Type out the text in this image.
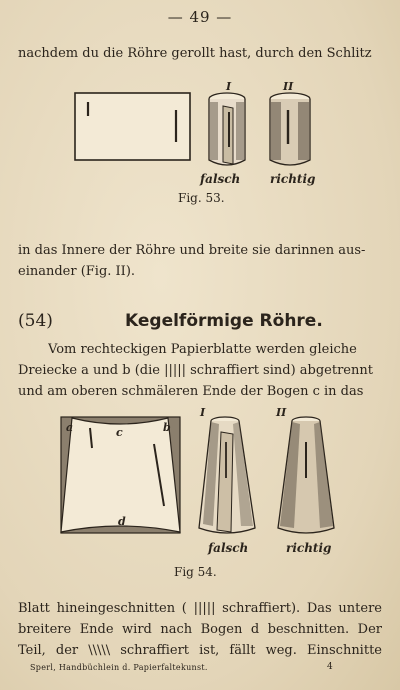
— 49 —
nachdem du die Röhre gerollt hast, durch den Schlitz
I
falsch
II
richtig
Fig. 53.
in das Innere der Röhre und breite sie darinnen aus-
einander (Fig. II).
(54)	Kegelförmige Röhre.
Vom rechteckigen Papierblatte werden gleiche
Dreiecke a und b (die ||||| schraffiert sind) abgetrennt
und am oberen schmäleren Ende der Bogen c in das
a	b
c
d
I
falsch
II
richtig
Fig 54.
Blatt hineingeschnitten ( ||||| schraffiert). Das untere
breitere Ende wird nach Bogen d beschnitten. Der
Teil, der \\\\\ schraffiert ist, fällt weg. Einschnitte
Sperl, Handbüchlein d. Papierfaltekunst.	4
